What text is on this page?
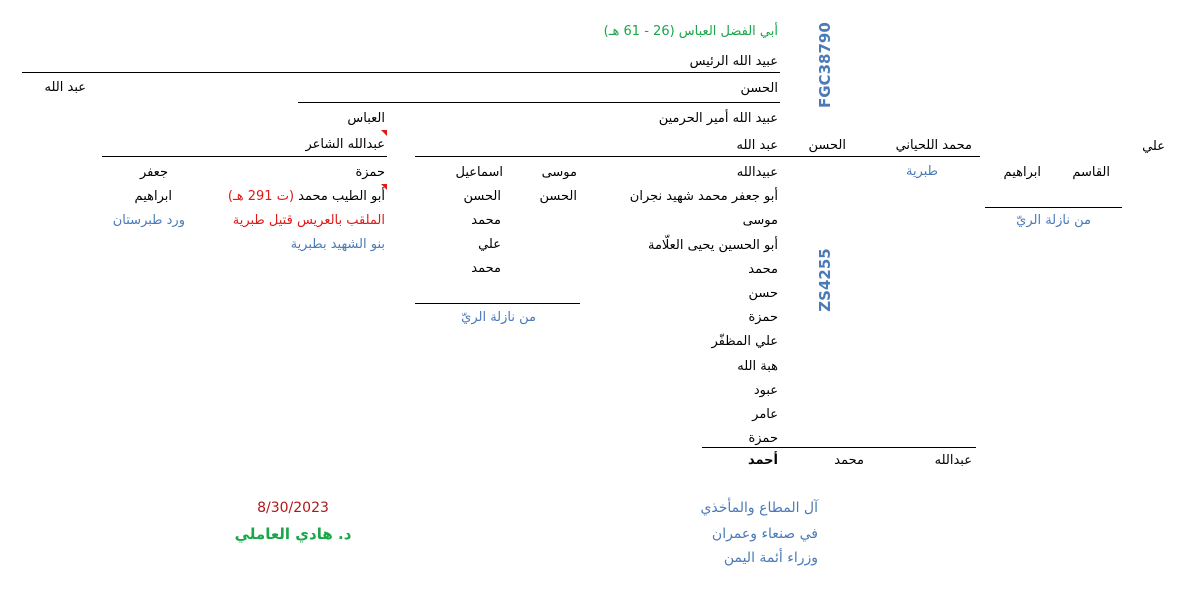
FGC38790
ZS4255
أبي الفضل العباس (26 - 61 هـ)
عبيد الله الرئيس
الحسن
عبيد الله أمير الحرمين
عبد الله
العباس
عبدالله الشاعر	علي
محمد اللحياني
الحسن
عبد الله
طبرية	القاسم
ابراهيم
من نازلة الريّ
عبيدالله
أبو جعفر محمد شهيد نجران
موسى
أبو الحسين يحيى العلّامة
محمد
حسن
حمزة
علي المظفّر
هبة الله
عبود
عامر
حمزة
أحمد	محمد	عبدالله
موسى
اسماعيل
الحسن
الحسن
محمد
علي
محمد
من نازلة الريّ
حمزة
جعفر
أبو الطيب محمد (ت 291 هـ)
ابراهيم
الملقب بالعريس قتيل طبرية
ورد طبرستان
بنو الشهيد بطبرية
آل المطاع والمأخذي
في صنعاء وعمران
وزراء أئمة اليمن
8/30/2023
د. هادي العاملي
